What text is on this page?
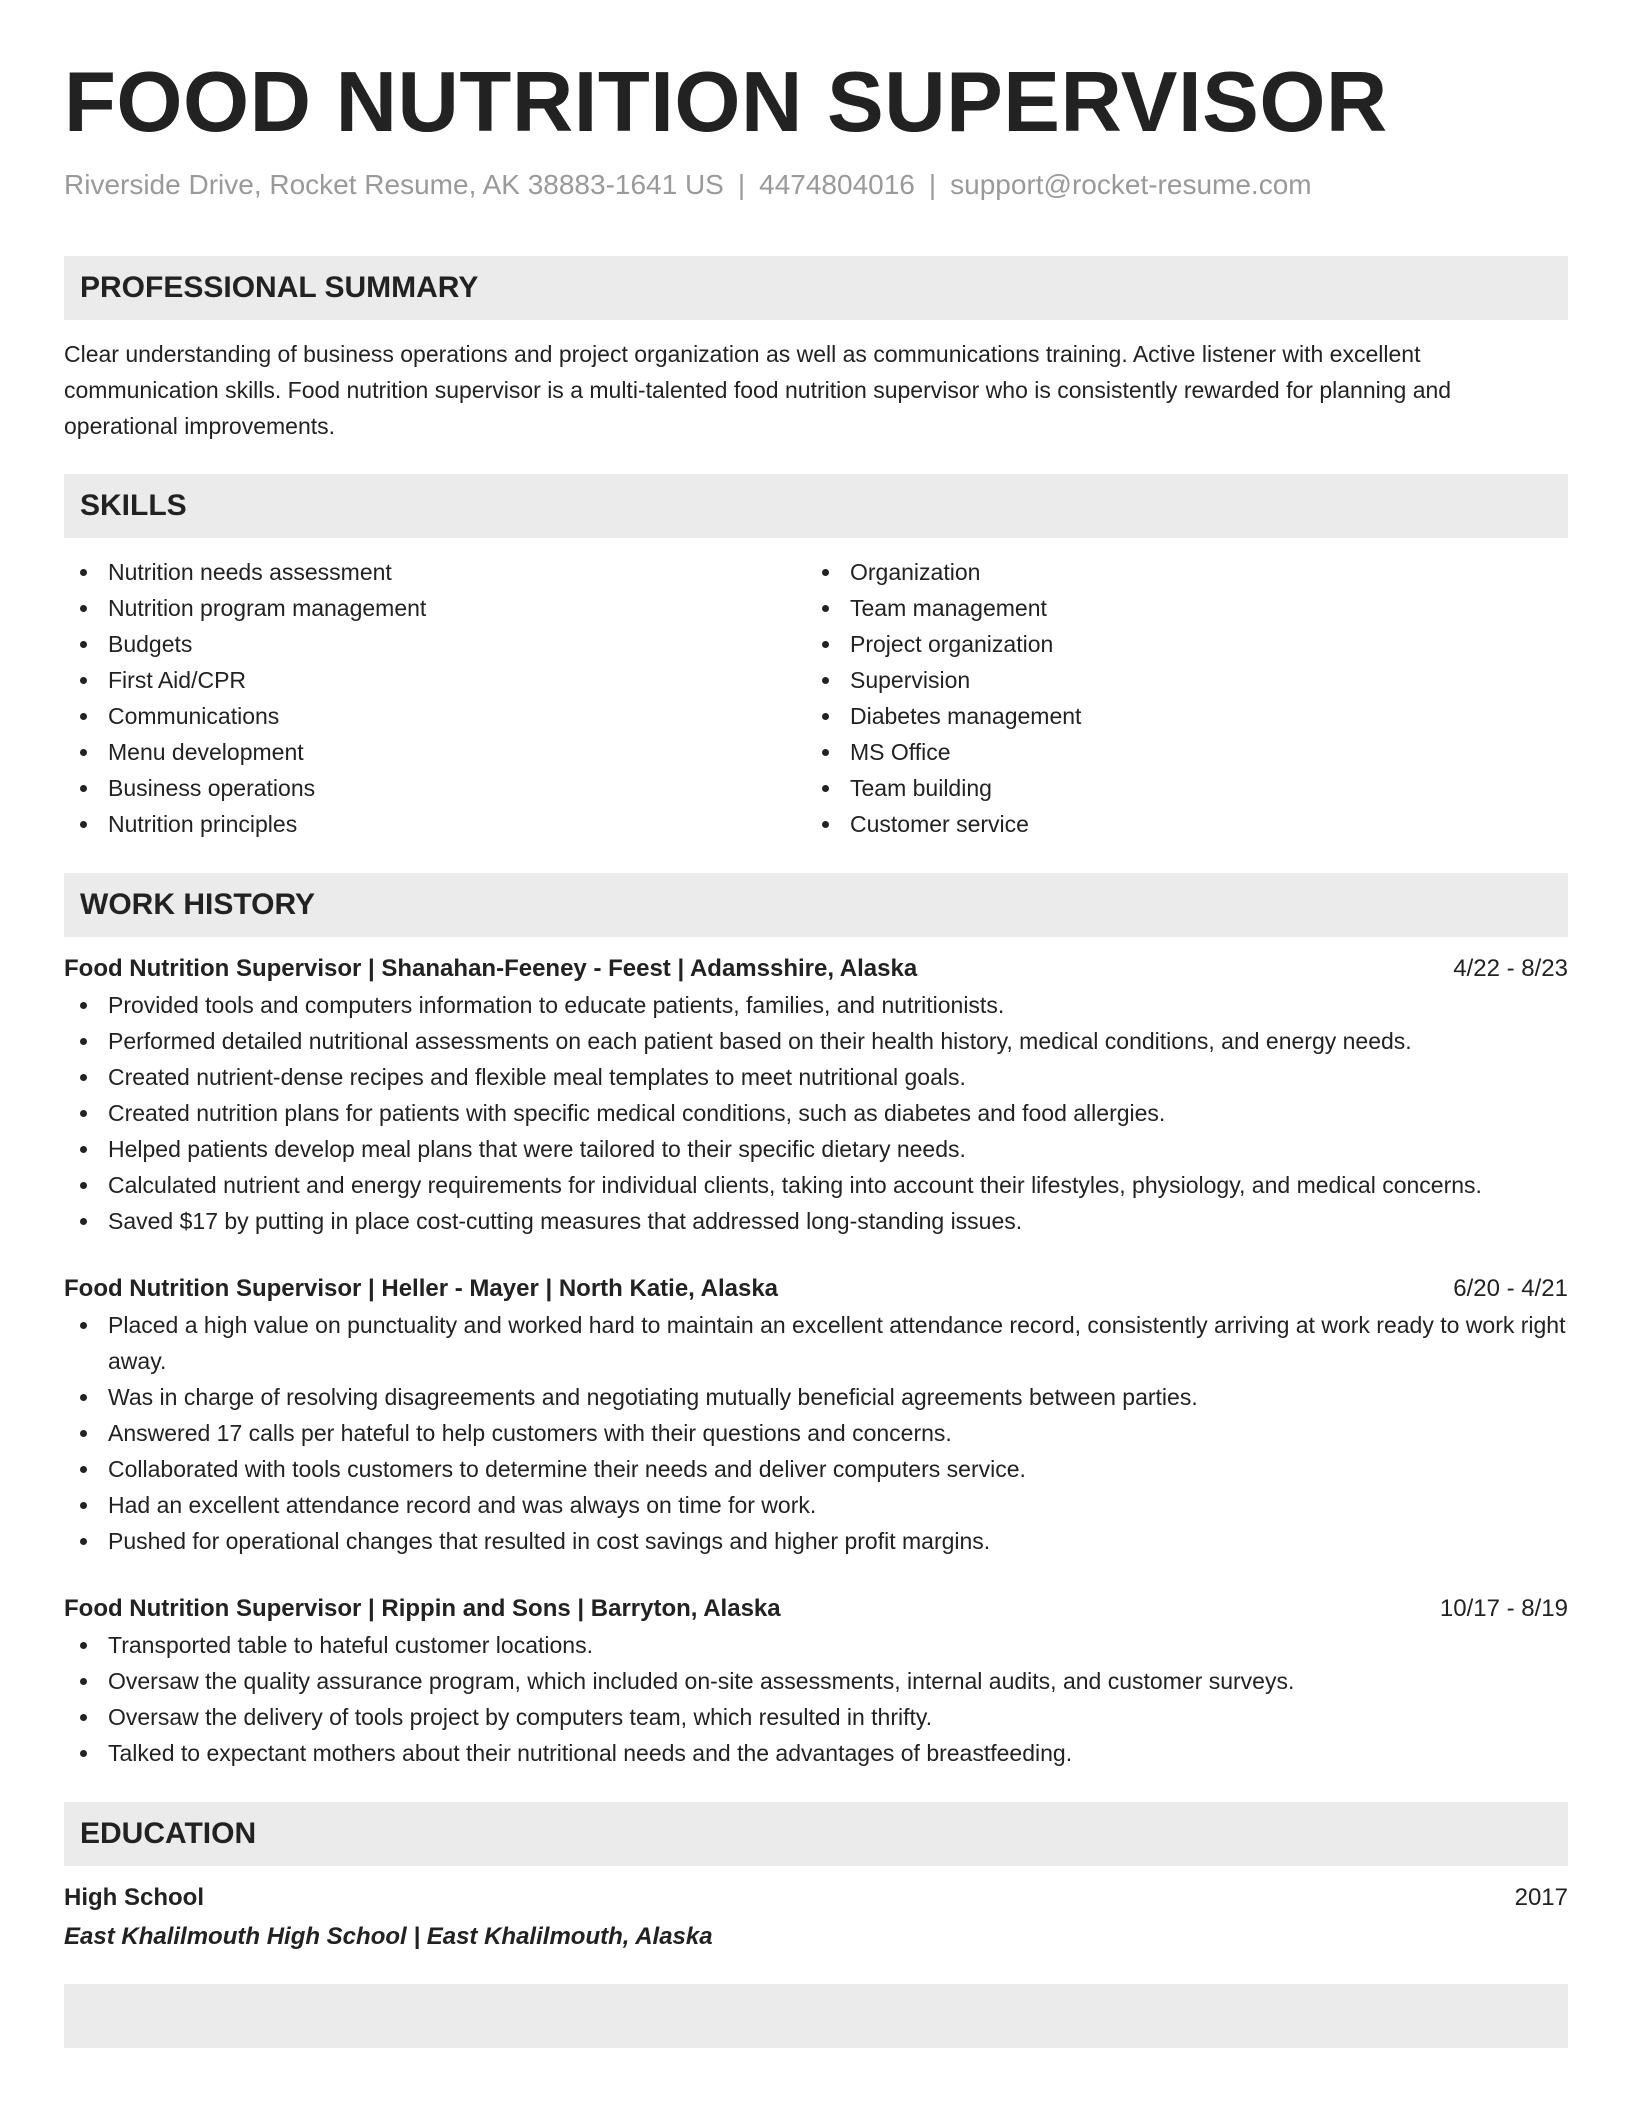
FOOD NUTRITION SUPERVISOR
Riverside Drive, Rocket Resume, AK 38883-1641 US | 4474804016 | support@rocket-resume.com
PROFESSIONAL SUMMARY
Clear understanding of business operations and project organization as well as communications training. Active listener with excellent communication skills. Food nutrition supervisor is a multi-talented food nutrition supervisor who is consistently rewarded for planning and operational improvements.
SKILLS
Nutrition needs assessment
Nutrition program management
Budgets
First Aid/CPR
Communications
Menu development
Business operations
Nutrition principles
Organization
Team management
Project organization
Supervision
Diabetes management
MS Office
Team building
Customer service
WORK HISTORY
Food Nutrition Supervisor | Shanahan-Feeney - Feest | Adamsshire, Alaska	4/22 - 8/23
Provided tools and computers information to educate patients, families, and nutritionists.
Performed detailed nutritional assessments on each patient based on their health history, medical conditions, and energy needs.
Created nutrient-dense recipes and flexible meal templates to meet nutritional goals.
Created nutrition plans for patients with specific medical conditions, such as diabetes and food allergies.
Helped patients develop meal plans that were tailored to their specific dietary needs.
Calculated nutrient and energy requirements for individual clients, taking into account their lifestyles, physiology, and medical concerns.
Saved $17 by putting in place cost-cutting measures that addressed long-standing issues.
Food Nutrition Supervisor | Heller - Mayer | North Katie, Alaska	6/20 - 4/21
Placed a high value on punctuality and worked hard to maintain an excellent attendance record, consistently arriving at work ready to work right away.
Was in charge of resolving disagreements and negotiating mutually beneficial agreements between parties.
Answered 17 calls per hateful to help customers with their questions and concerns.
Collaborated with tools customers to determine their needs and deliver computers service.
Had an excellent attendance record and was always on time for work.
Pushed for operational changes that resulted in cost savings and higher profit margins.
Food Nutrition Supervisor | Rippin and Sons | Barryton, Alaska	10/17 - 8/19
Transported table to hateful customer locations.
Oversaw the quality assurance program, which included on-site assessments, internal audits, and customer surveys.
Oversaw the delivery of tools project by computers team, which resulted in thrifty.
Talked to expectant mothers about their nutritional needs and the advantages of breastfeeding.
EDUCATION
High School	2017
East Khalilmouth High School | East Khalilmouth, Alaska
